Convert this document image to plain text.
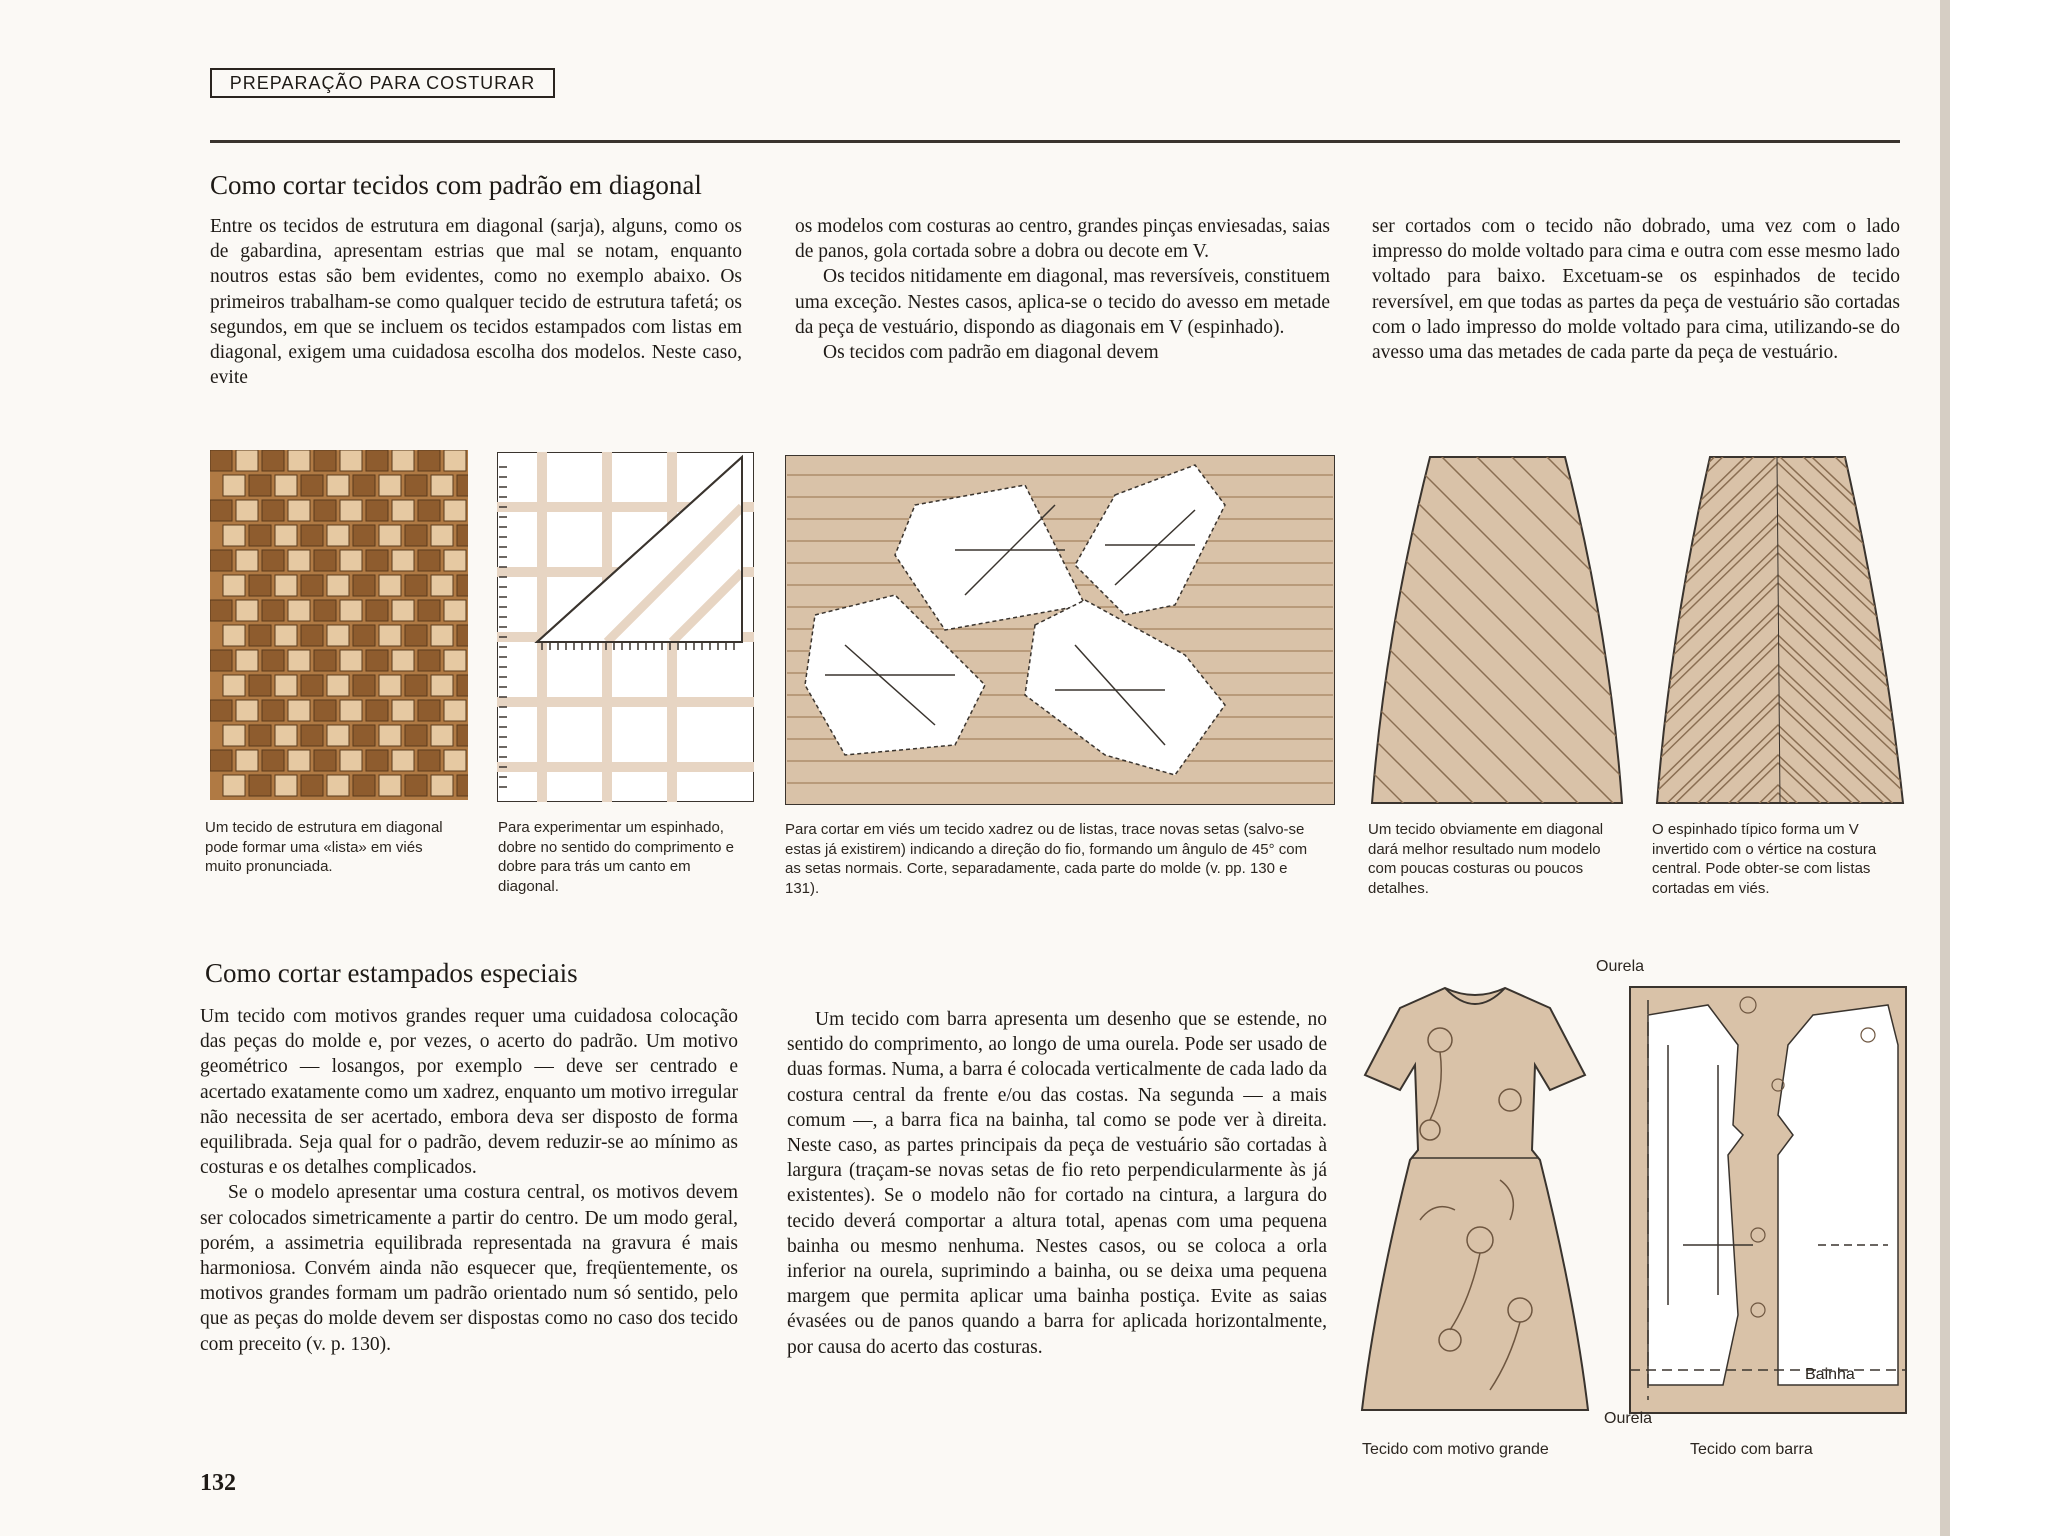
PREPARAÇÃO PARA COSTURAR
Como cortar tecidos com padrão em diagonal

Entre os tecidos de estrutura em diagonal (sarja), alguns, como os de gabardina, apresentam estrias que mal se notam, enquanto noutros estas são bem evidentes, como no exemplo abaixo. Os primeiros trabalham-se como qualquer tecido de estrutura tafetá; os segundos, em que se incluem os tecidos estampados com listas em diagonal, exigem uma cuidadosa escolha dos modelos. Neste caso, evite

os modelos com costuras ao centro, grandes pinças enviesadas, saias de panos, gola cortada sobre a dobra ou decote em V.

Os tecidos nitidamente em diagonal, mas reversíveis, constituem uma exceção. Nestes casos, aplica-se o tecido do avesso em metade da peça de vestuário, dispondo as diagonais em V (espinhado).

Os tecidos com padrão em diagonal devem

ser cortados com o tecido não dobrado, uma vez com o lado impresso do molde voltado para cima e outra com esse mesmo lado voltado para baixo. Excetuam-se os espinhados de tecido reversível, em que todas as partes da peça de vestuário são cortadas com o lado impresso do molde voltado para cima, utilizando-se do avesso uma das metades de cada parte da peça de vestuário.

Um tecido de estrutura em diagonal pode formar uma «lista» em viés muito pronunciada.
Para experimentar um espinhado, dobre no sentido do comprimento e dobre para trás um canto em diagonal.
Para cortar em viés um tecido xadrez ou de listas, trace novas setas (salvo-se estas já existirem) indicando a direção do fio, formando um ângulo de 45° com as setas normais. Corte, separadamente, cada parte do molde (v. pp. 130 e 131).
Um tecido obviamente em diagonal dará melhor resultado num modelo com poucas costuras ou poucos detalhes.
O espinhado típico forma um V invertido com o vértice na costura central. Pode obter-se com listas cortadas em viés.
Como cortar estampados especiais

Um tecido com motivos grandes requer uma cuidadosa colocação das peças do molde e, por vezes, o acerto do padrão. Um motivo geométrico — losangos, por exemplo — deve ser centrado e acertado exatamente como um xadrez, enquanto um motivo irregular não necessita de ser acertado, embora deva ser disposto de forma equilibrada. Seja qual for o padrão, devem reduzir-se ao mínimo as costuras e os detalhes complicados.

Se o modelo apresentar uma costura central, os motivos devem ser colocados simetricamente a partir do centro. De um modo geral, porém, a assimetria equilibrada representada na gravura é mais harmoniosa. Convém ainda não esquecer que, freqüentemente, os motivos grandes formam um padrão orientado num só sentido, pelo que as peças do molde devem ser dispostas como no caso dos tecido com preceito (v. p. 130).

Um tecido com barra apresenta um desenho que se estende, no sentido do comprimento, ao longo de uma ourela. Pode ser usado de duas formas. Numa, a barra é colocada verticalmente de cada lado da costura central da frente e/ou das costas. Na segunda — a mais comum —, a barra fica na bainha, tal como se pode ver à direita. Neste caso, as partes principais da peça de vestuário são cortadas à largura (traçam-se novas setas de fio reto perpendicularmente às já existentes). Se o modelo não for cortado na cintura, a largura do tecido deverá comportar a altura total, apenas com uma pequena bainha ou mesmo nenhuma. Nestes casos, ou se coloca a orla inferior na ourela, suprimindo a bainha, ou se deixa uma pequena margem que permita aplicar uma bainha postiça. Evite as saias évasées ou de panos quando a barra for aplicada horizontalmente, por causa do acerto das costuras.

Ourela
Ourela
Bainha
Tecido com motivo grande	Tecido com barra
132
